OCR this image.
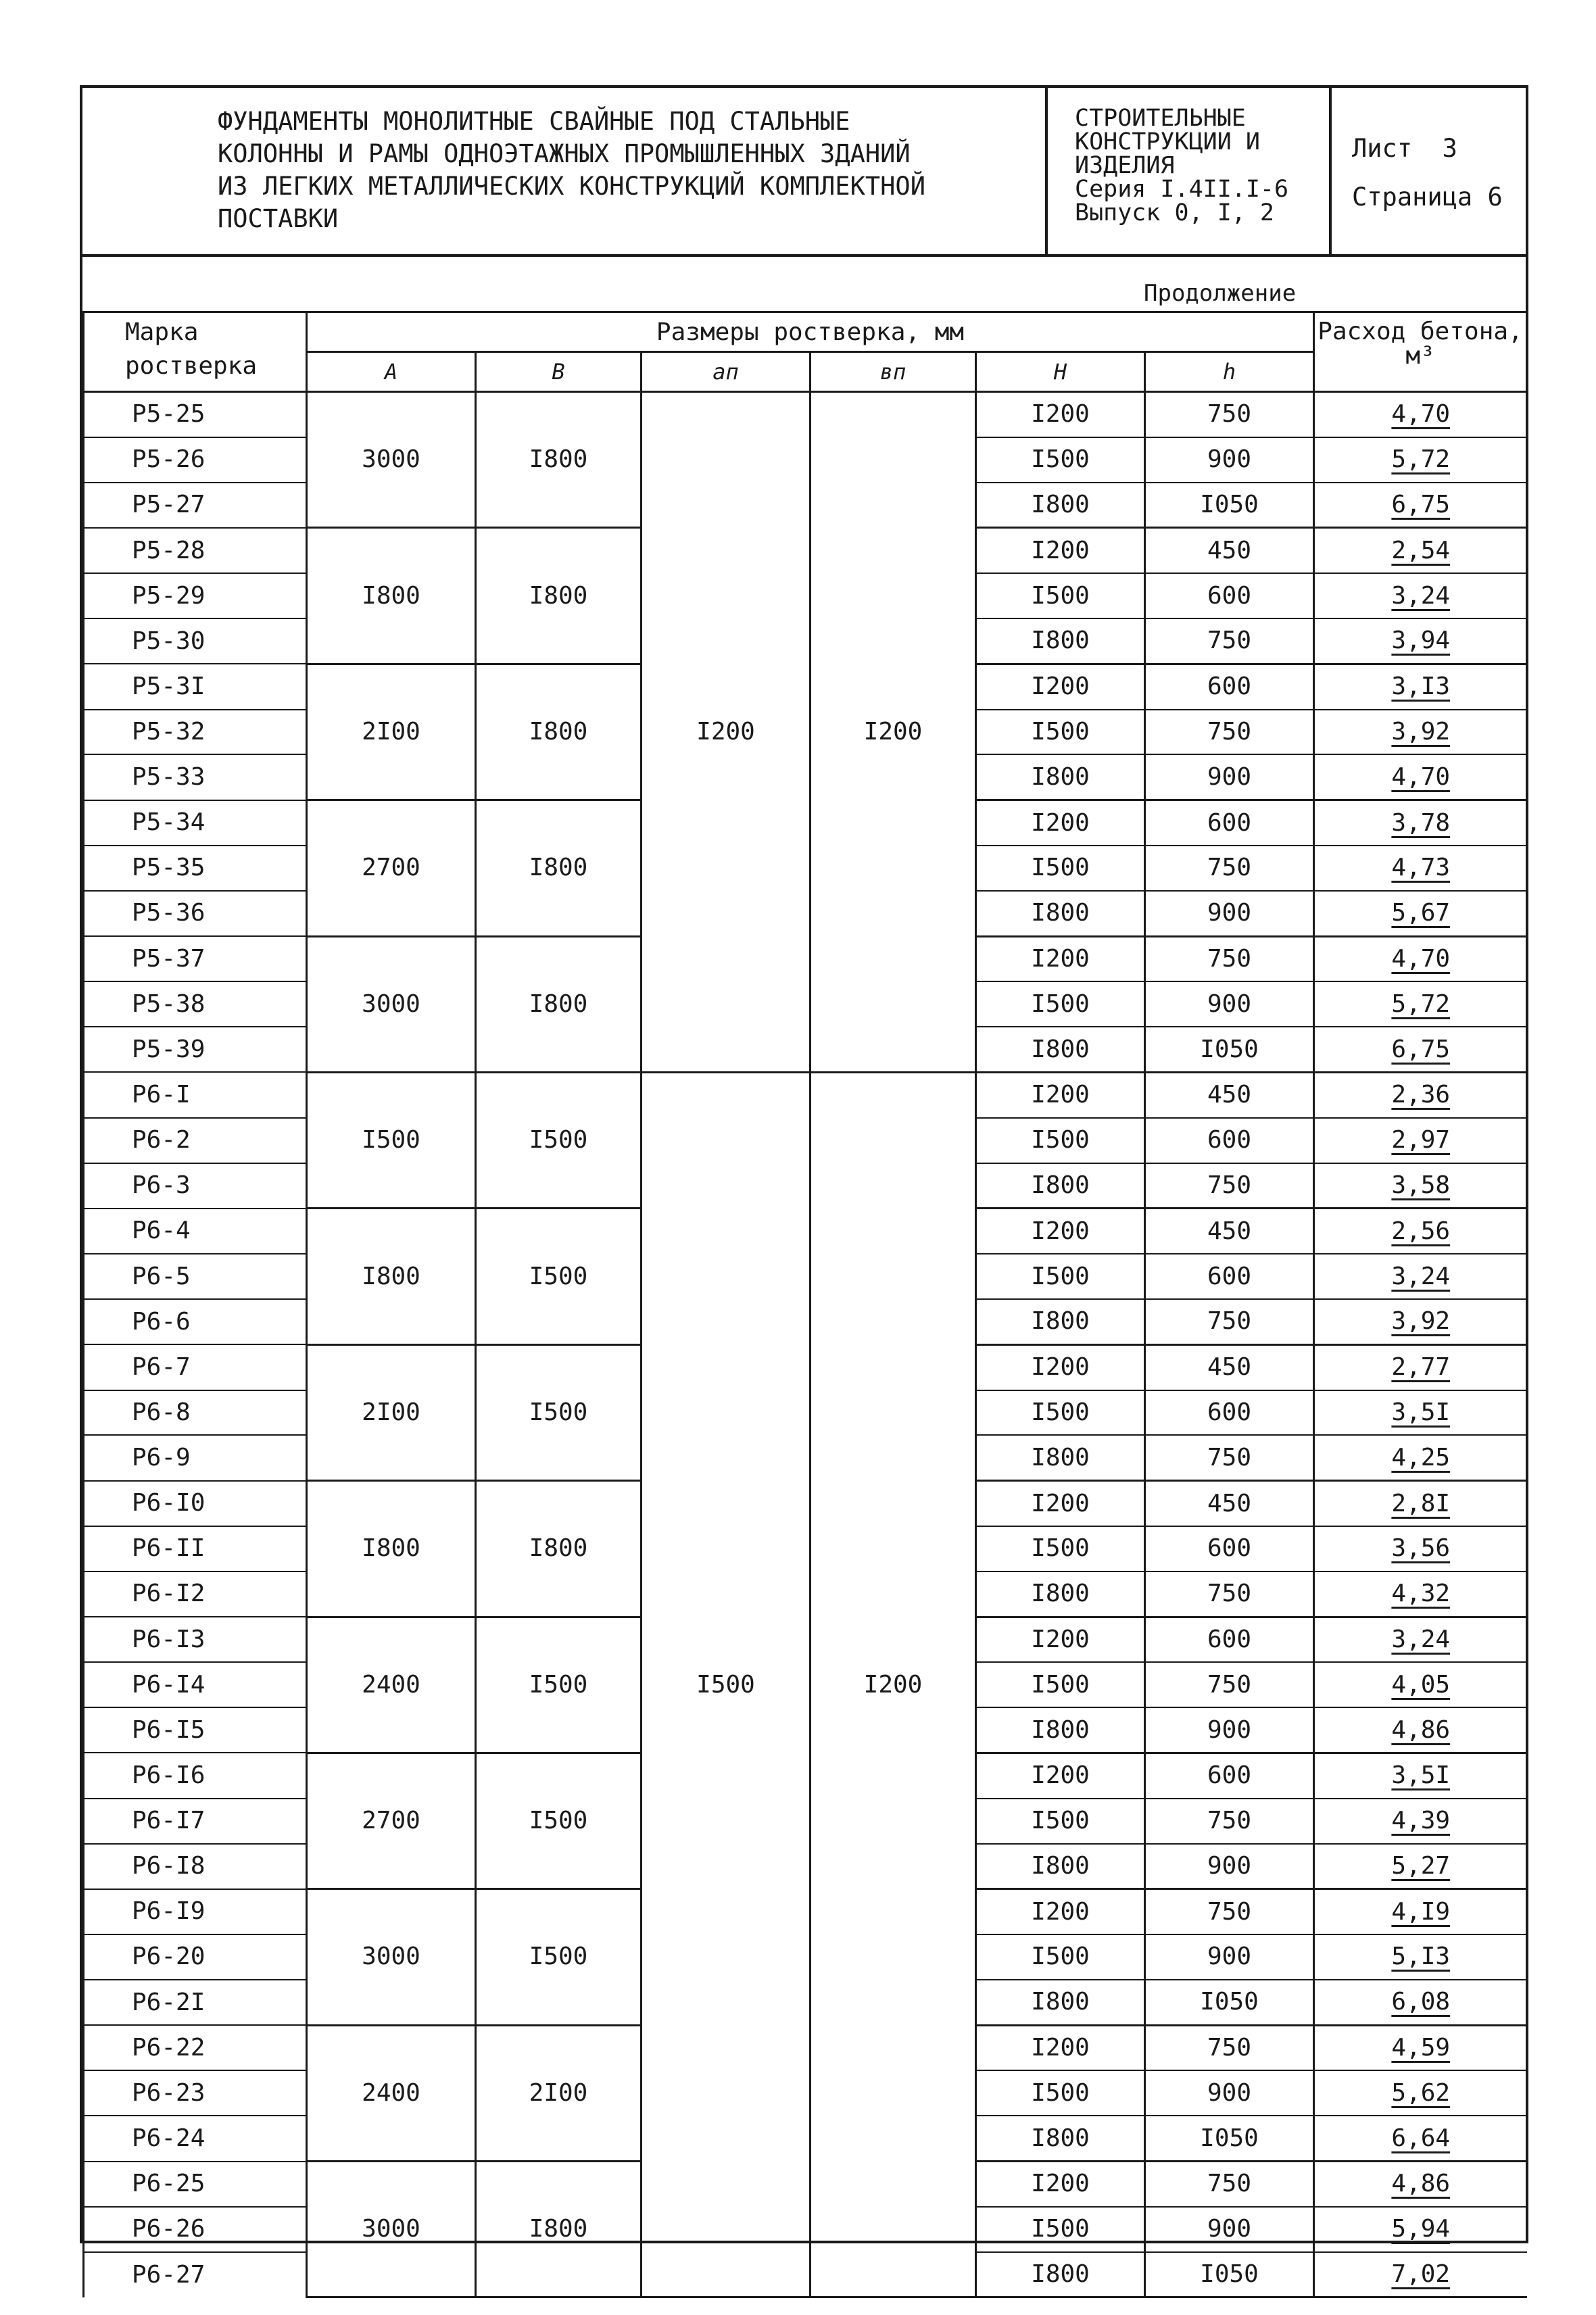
ФУНДАМЕНТЫ МОНОЛИТНЫЕ СВАЙНЫЕ ПОД СТАЛЬНЫЕ
КОЛОННЫ И РАМЫ ОДНОЭТАЖНЫХ ПРОМЫШЛЕННЫХ ЗДАНИЙ
ИЗ ЛЕГКИХ МЕТАЛЛИЧЕСКИХ КОНСТРУКЦИЙ КОМПЛЕКТНОЙ
ПОСТАВКИ
СТРОИТЕЛЬНЫЕ
КОНСТРУКЦИИ И
ИЗДЕЛИЯ
Серия I.4II.I-6
Выпуск 0, I, 2
Лист  3
Страница 6
Продолжение
Марка ростверка	Размеры ростверка, мм						Расход бетона, м³
	A	B	aп	вп	H	h	
Р5-25	3000	I800	I200	I200	I200	750	4,70
Р5-26					I500	900	5,72
Р5-27					I800	I050	6,75
Р5-28	I800	I800			I200	450	2,54
Р5-29					I500	600	3,24
Р5-30					I800	750	3,94
Р5-3I	2I00	I800			I200	600	3,I3
Р5-32					I500	750	3,92
Р5-33					I800	900	4,70
Р5-34	2700	I800			I200	600	3,78
Р5-35					I500	750	4,73
Р5-36					I800	900	5,67
Р5-37	3000	I800			I200	750	4,70
Р5-38					I500	900	5,72
Р5-39					I800	I050	6,75
Р6-I	I500	I500	I500	I200	I200	450	2,36
Р6-2					I500	600	2,97
Р6-3					I800	750	3,58
Р6-4	I800	I500			I200	450	2,56
Р6-5					I500	600	3,24
Р6-6					I800	750	3,92
Р6-7	2I00	I500			I200	450	2,77
Р6-8					I500	600	3,5I
Р6-9					I800	750	4,25
Р6-I0	I800	I800			I200	450	2,8I
Р6-II					I500	600	3,56
Р6-I2					I800	750	4,32
Р6-I3	2400	I500			I200	600	3,24
Р6-I4					I500	750	4,05
Р6-I5					I800	900	4,86
Р6-I6	2700	I500			I200	600	3,5I
Р6-I7					I500	750	4,39
Р6-I8					I800	900	5,27
Р6-I9	3000	I500			I200	750	4,I9
Р6-20					I500	900	5,I3
Р6-2I					I800	I050	6,08
Р6-22	2400	2I00			I200	750	4,59
Р6-23					I500	900	5,62
Р6-24					I800	I050	6,64
Р6-25	3000	I800			I200	750	4,86
Р6-26					I500	900	5,94
Р6-27					I800	I050	7,02
